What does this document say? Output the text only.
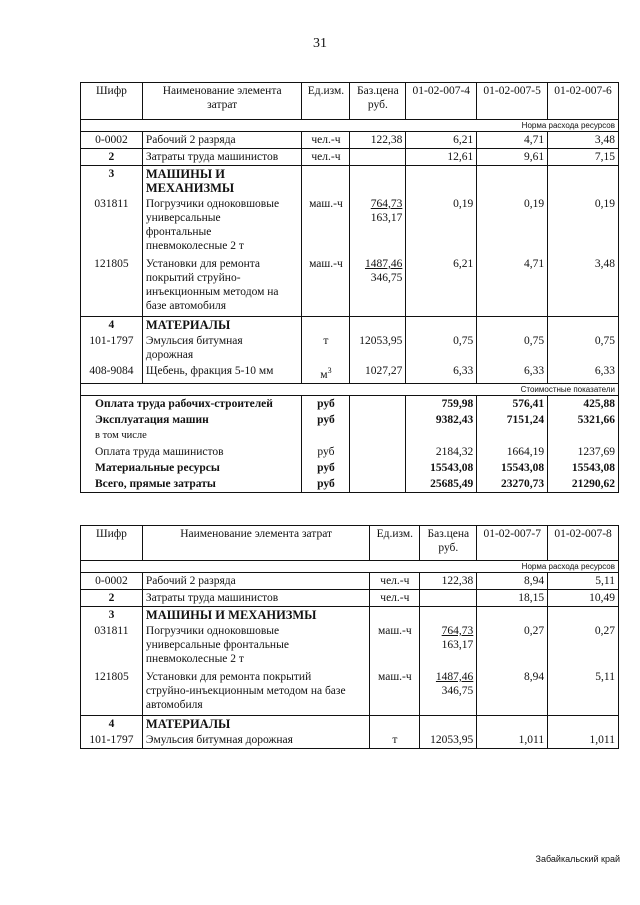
31
Шифр	Наименование элемента
затрат	Ед.изм.	Баз.цена
руб.	01-02-007-4	01-02-007-5	01-02-007-6
Норма расхода ресурсов						
0-0002	Рабочий 2 разряда	чел.-ч	122,38	6,21	4,71	3,48
2	Затраты труда машинистов	чел.-ч		12,61	9,61	7,15
3	МАШИНЫ И
МЕХАНИЗМЫ					
031811	Погрузчики одноковшовые
универсальные
фронтальные
пневмоколесные 2 т	маш.-ч	764,73
163,17	0,19	0,19	0,19
121805	Установки для ремонта
покрытий струйно-
инъекционным методом на
базе автомобиля	маш.-ч	1487,46
346,75	6,21	4,71	3,48
4	МАТЕРИАЛЫ					
101-1797	Эмульсия битумная
дорожная	т	12053,95	0,75	0,75	0,75
408-9084	Щебень, фракция 5-10 мм	$м^3$	1027,27	6,33	6,33	6,33
Стоимостные показатели						
Оплата труда рабочих-строителей		руб		759,98	576,41	425,88
Эксплуатация машин		руб		9382,43	7151,24	5321,66
в том числе						
Оплата труда машинистов		руб		2184,32	1664,19	1237,69
Материальные ресурсы		руб		15543,08	15543,08	15543,08
Всего, прямые затраты		руб		25685,49	23270,73	21290,62
Шифр	Наименование элемента затрат	Ед.изм.	Баз.цена
руб.	01-02-007-7	01-02-007-8
Норма расхода ресурсов					
0-0002	Рабочий 2 разряда	чел.-ч	122,38	8,94	5,11
2	Затраты труда машинистов	чел.-ч		18,15	10,49
3	МАШИНЫ И МЕХАНИЗМЫ				
031811	Погрузчики одноковшовые
универсальные фронтальные
пневмоколесные 2 т	маш.-ч	764,73
163,17	0,27	0,27
121805	Установки для ремонта покрытий
струйно-инъекционным методом на базе
автомобиля	маш.-ч	1487,46
346,75	8,94	5,11
4	МАТЕРИАЛЫ				
101-1797	Эмульсия битумная дорожная	т	12053,95	1,011	1,011
Забайкальский край
